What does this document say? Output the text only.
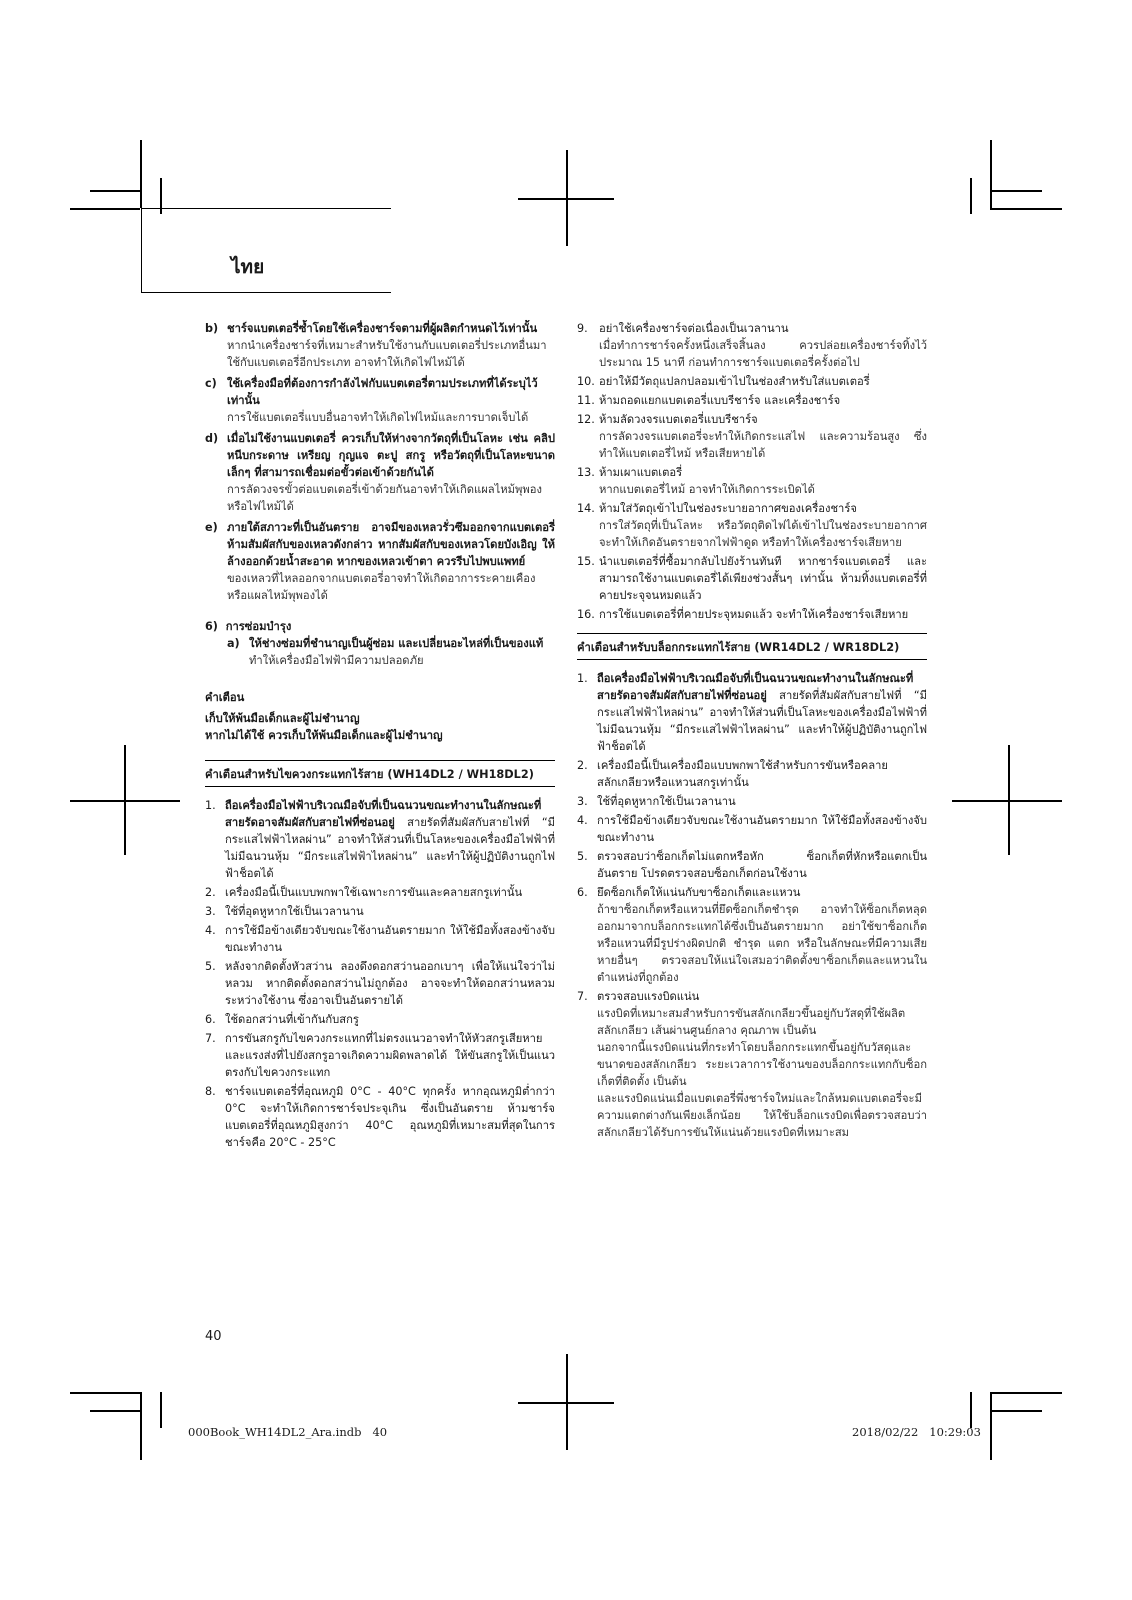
ไทย
b) ชาร์จแบตเตอรี่ซ้ำโดยใช้เครื่องชาร์จตามที่ผู้ผลิตกำหนดไว้เท่านั้น

หากนำเครื่องชาร์จที่เหมาะสำหรับใช้งานกับแบตเตอรี่ประเภทอื่นมาใช้กับแบตเตอรี่อีกประเภท อาจทำให้เกิดไฟไหม้ได้

c) ใช้เครื่องมือที่ต้องการกำลังไฟกับแบตเตอรี่ตามประเภทที่ได้ระบุไว้เท่านั้น

การใช้แบตเตอรี่แบบอื่นอาจทำให้เกิดไฟไหม้และการบาดเจ็บได้

d) เมื่อไม่ใช้งานแบตเตอรี่ ควรเก็บให้ห่างจากวัตถุที่เป็นโลหะ เช่น คลิปหนีบกระดาษ เหรียญ กุญแจ ตะปู สกรู หรือวัตถุที่เป็นโลหะขนาดเล็กๆ ที่สามารถเชื่อมต่อขั้วต่อเข้าด้วยกันได้

การลัดวงจรขั้วต่อแบตเตอรี่เข้าด้วยกันอาจทำให้เกิดแผลไหม้พุพองหรือไฟไหม้ได้

e) ภายใต้สภาวะที่เป็นอันตราย อาจมีของเหลวรั่วซึมออกจากแบตเตอรี่ ห้ามสัมผัสกับของเหลวดังกล่าว หากสัมผัสกับของเหลวโดยบังเอิญ ให้ล้างออกด้วยน้ำสะอาด หากของเหลวเข้าตา ควรรีบไปพบแพทย์

ของเหลวที่ไหลออกจากแบตเตอรี่อาจทำให้เกิดอาการระคายเคืองหรือแผลไหม้พุพองได้

6) การซ่อมบำรุง

a) ให้ช่างซ่อมที่ชำนาญเป็นผู้ซ่อม และเปลี่ยนอะไหล่ที่เป็นของแท้

ทำให้เครื่องมือไฟฟ้ามีความปลอดภัย

คำเตือน

เก็บให้พ้นมือเด็กและผู้ไม่ชำนาญ

หากไม่ได้ใช้ ควรเก็บให้พ้นมือเด็กและผู้ไม่ชำนาญ

คำเตือนสำหรับไขควงกระแทกไร้สาย (WH14DL2 / WH18DL2)
1. ถือเครื่องมือไฟฟ้าบริเวณมือจับที่เป็นฉนวนขณะทำงานในลักษณะที่สายรัดอาจสัมผัสกับสายไฟที่ซ่อนอยู่ สายรัดที่สัมผัสกับสายไฟที่ “มีกระแสไฟฟ้าไหลผ่าน” อาจทำให้ส่วนที่เป็นโลหะของเครื่องมือไฟฟ้าที่ไม่มีฉนวนหุ้ม “มีกระแสไฟฟ้าไหลผ่าน” และทำให้ผู้ปฏิบัติงานถูกไฟฟ้าช็อตได้
2. เครื่องมือนี้เป็นแบบพกพาใช้เฉพาะการขันและคลายสกรูเท่านั้น
3. ใช้ที่อุดหูหากใช้เป็นเวลานาน
4. การใช้มือข้างเดียวจับขณะใช้งานอันตรายมาก ให้ใช้มือทั้งสองข้างจับขณะทำงาน
5. หลังจากติดตั้งหัวสว่าน ลองดึงดอกสว่านออกเบาๆ เพื่อให้แน่ใจว่าไม่หลวม หากติดตั้งดอกสว่านไม่ถูกต้อง อาจจะทำให้ดอกสว่านหลวมระหว่างใช้งาน ซึ่งอาจเป็นอันตรายได้
6. ใช้ดอกสว่านที่เข้ากันกับสกรู
7. การขันสกรูกับไขควงกระแทกที่ไม่ตรงแนวอาจทำให้หัวสกรูเสียหาย และแรงส่งที่ไปยังสกรูอาจเกิดความผิดพลาดได้ ให้ขันสกรูให้เป็นแนวตรงกับไขควงกระแทก
8. ชาร์จแบตเตอรี่ที่อุณหภูมิ 0°C - 40°C ทุกครั้ง หากอุณหภูมิต่ำกว่า 0°C จะทำให้เกิดการชาร์จประจุเกิน ซึ่งเป็นอันตราย ห้ามชาร์จแบตเตอรี่ที่อุณหภูมิสูงกว่า 40°C อุณหภูมิที่เหมาะสมที่สุดในการชาร์จคือ 20°C - 25°C
9.	อย่าใช้เครื่องชาร์จต่อเนื่องเป็นเวลานาน

เมื่อทำการชาร์จครั้งหนึ่งเสร็จสิ้นลง ควรปล่อยเครื่องชาร์จทิ้งไว้ประมาณ 15 นาที ก่อนทำการชาร์จแบตเตอรี่ครั้งต่อไป

10. อย่าให้มีวัตถุแปลกปลอมเข้าไปในช่องสำหรับใส่แบตเตอรี่
11. ห้ามถอดแยกแบตเตอรี่แบบรีชาร์จ และเครื่องชาร์จ
12. ห้ามลัดวงจรแบตเตอรี่แบบรีชาร์จ

การลัดวงจรแบตเตอรี่จะทำให้เกิดกระแสไฟ และความร้อนสูง ซึ่งทำให้แบตเตอรี่ไหม้ หรือเสียหายได้

13. ห้ามเผาแบตเตอรี่

หากแบตเตอรี่ไหม้ อาจทำให้เกิดการระเบิดได้

14. ห้ามใส่วัตถุเข้าไปในช่องระบายอากาศของเครื่องชาร์จ

การใส่วัตถุที่เป็นโลหะ หรือวัตถุติดไฟได้เข้าไปในช่องระบายอากาศจะทำให้เกิดอันตรายจากไฟฟ้าดูด หรือทำให้เครื่องชาร์จเสียหาย

15. นำแบตเตอรี่ที่ซื้อมากลับไปยังร้านทันที หากชาร์จแบตเตอรี่ และสามารถใช้งานแบตเตอรี่ได้เพียงช่วงสั้นๆ เท่านั้น ห้ามทิ้งแบตเตอรี่ที่คายประจุจนหมดแล้ว
16. การใช้แบตเตอรี่ที่คายประจุหมดแล้ว จะทำให้เครื่องชาร์จเสียหาย
คำเตือนสำหรับบล็อกกระแทกไร้สาย (WR14DL2 / WR18DL2)
1. ถือเครื่องมือไฟฟ้าบริเวณมือจับที่เป็นฉนวนขณะทำงานในลักษณะที่สายรัดอาจสัมผัสกับสายไฟที่ซ่อนอยู่ สายรัดที่สัมผัสกับสายไฟที่ “มีกระแสไฟฟ้าไหลผ่าน” อาจทำให้ส่วนที่เป็นโลหะของเครื่องมือไฟฟ้าที่ไม่มีฉนวนหุ้ม “มีกระแสไฟฟ้าไหลผ่าน” และทำให้ผู้ปฏิบัติงานถูกไฟฟ้าช็อตได้
2. เครื่องมือนี้เป็นเครื่องมือแบบพกพาใช้สำหรับการขันหรือคลายสลักเกลียวหรือแหวนสกรูเท่านั้น
3. ใช้ที่อุดหูหากใช้เป็นเวลานาน
4. การใช้มือข้างเดียวจับขณะใช้งานอันตรายมาก ให้ใช้มือทั้งสองข้างจับขณะทำงาน
5. ตรวจสอบว่าซ็อกเก็ตไม่แตกหรือหัก ซ็อกเก็ตที่หักหรือแตกเป็นอันตราย โปรดตรวจสอบซ็อกเก็ตก่อนใช้งาน
6. ยึดซ็อกเก็ตให้แน่นกับขาซ็อกเก็ตและแหวน

ถ้าขาซ็อกเก็ตหรือแหวนที่ยึดซ็อกเก็ตชำรุด อาจทำให้ซ็อกเก็ตหลุดออกมาจากบล็อกกระแทกได้ซึ่งเป็นอันตรายมาก อย่าใช้ขาซ็อกเก็ตหรือแหวนที่มีรูปร่างผิดปกติ ชำรุด แตก หรือในลักษณะที่มีความเสียหายอื่นๆ ตรวจสอบให้แน่ใจเสมอว่าติดตั้งขาซ็อกเก็ตและแหวนในตำแหน่งที่ถูกต้อง

7. ตรวจสอบแรงบิดแน่น

แรงบิดที่เหมาะสมสำหรับการขันสลักเกลียวขึ้นอยู่กับวัสดุที่ใช้ผลิตสลักเกลียว เส้นผ่านศูนย์กลาง คุณภาพ เป็นต้น

นอกจากนี้แรงบิดแน่นที่กระทำโดยบล็อกกระแทกขึ้นอยู่กับวัสดุและขนาดของสลักเกลียว ระยะเวลาการใช้งานของบล็อกกระแทกกับซ็อกเก็ตที่ติดตั้ง เป็นต้น

และแรงบิดแน่นเมื่อแบตเตอรี่พึ่งชาร์จใหม่และใกล้หมดแบตเตอรี่จะมีความแตกต่างกันเพียงเล็กน้อย ให้ใช้บล็อกแรงบิดเพื่อตรวจสอบว่าสลักเกลียวได้รับการขันให้แน่นด้วยแรงบิดที่เหมาะสม

40
000Book_WH14DL2_Ara.indb   40	2018/02/22   10:29:03
